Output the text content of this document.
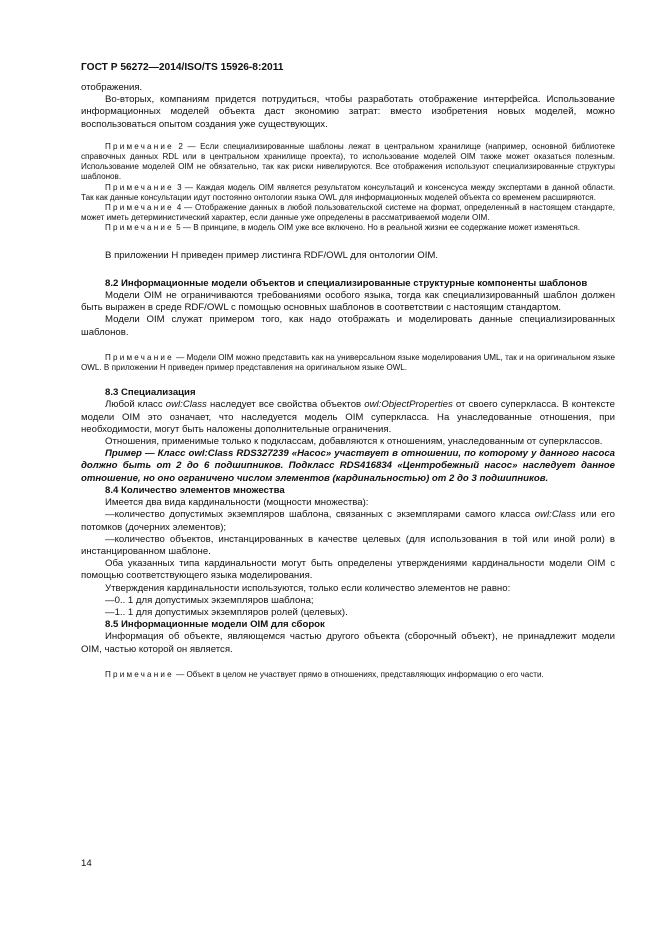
ГОСТ Р 56272—2014/ISO/TS 15926-8:2011

отображения.

Во-вторых, компаниям придется потрудиться, чтобы разработать отображение интерфейса. Использование информационных моделей объекта даст экономию затрат: вместо изобретения новых моделей, можно воспользоваться опытом создания уже существующих.

Примечание 2 — Если специализированные шаблоны лежат в центральном хранилище (например, основной библиотеке справочных данных RDL или в центральном хранилище проекта), то использование моделей OIM также может оказаться полезным. Использование моделей OIM не обязательно, так как риски нивелируются. Все отображения используют специализированные структуры шаблонов.

Примечание 3 — Каждая модель OIM является результатом консультаций и консенсуса между экспертами в данной области. Так как данные консультации идут постоянно онтологии языка OWL для информационных моделей объекта со временем расширяются.

Примечание 4 — Отображение данных в любой пользовательской системе на формат, определенный в настоящем стандарте, может иметь детерминистический характер, если данные уже определены в рассматриваемой модели OIM.

Примечание 5 — В принципе, в модель OIM уже все включено. Но в реальной жизни ее содержание может изменяться.

В приложении H приведен пример листинга RDF/OWL для онтологии OIM.

8.2 Информационные модели объектов и специализированные структурные компоненты шаблонов

Модели OIM не ограничиваются требованиями особого языка, тогда как специализированный шаблон должен быть выражен в среде RDF/OWL с помощью основных шаблонов в соответствии с настоящим стандартом.

Модели OIM служат примером того, как надо отображать и моделировать данные специализированных шаблонов.

Примечание — Модели OIM можно представить как на универсальном языке моделирования UML, так и на оригинальном языке OWL. В приложении H приведен пример представления на оригинальном языке OWL.

8.3 Специализация

Любой класс owl:Class наследует все свойства объектов owl:ObjectProperties от своего суперкласса. В контексте модели OIM это означает, что наследуется модель OIM суперкласса. На унаследованные отношения, при необходимости, могут быть наложены дополнительные ограничения.

Отношения, применимые только к подклассам, добавляются к отношениям, унаследованным от суперклассов.

Пример — Класс owl:Class RDS327239 «Насос» участвует в отношении, по которому у данного насоса должно быть от 2 до 6 подшипников. Подкласс RDS416834 «Центробежный насос» наследует данное отношение, но оно ограничено числом элементов (кардинальностью) от 2 до 3 подшипников.

8.4 Количество элементов множества

Имеется два вида кардинальности (мощности множества):

—количество допустимых экземпляров шаблона, связанных с экземплярами самого класса owl:Class или его потомков (дочерних элементов);

—количество объектов, инстанцированных в качестве целевых (для использования в той или иной роли) в инстанцированном шаблоне.

Оба указанных типа кардинальности могут быть определены утверждениями кардинальности модели OIM с помощью соответствующего языка моделирования.

Утверждения кардинальности используются, только если количество элементов не равно:

—0.. 1 для допустимых экземпляров шаблона;

—1.. 1 для допустимых экземпляров ролей (целевых).

8.5 Информационные модели OIM для сборок

Информация об объекте, являющемся частью другого объекта (сборочный объект), не принадлежит модели OIM, частью которой он является.

Примечание — Объект в целом не участвует прямо в отношениях, представляющих информацию о его части.

14
